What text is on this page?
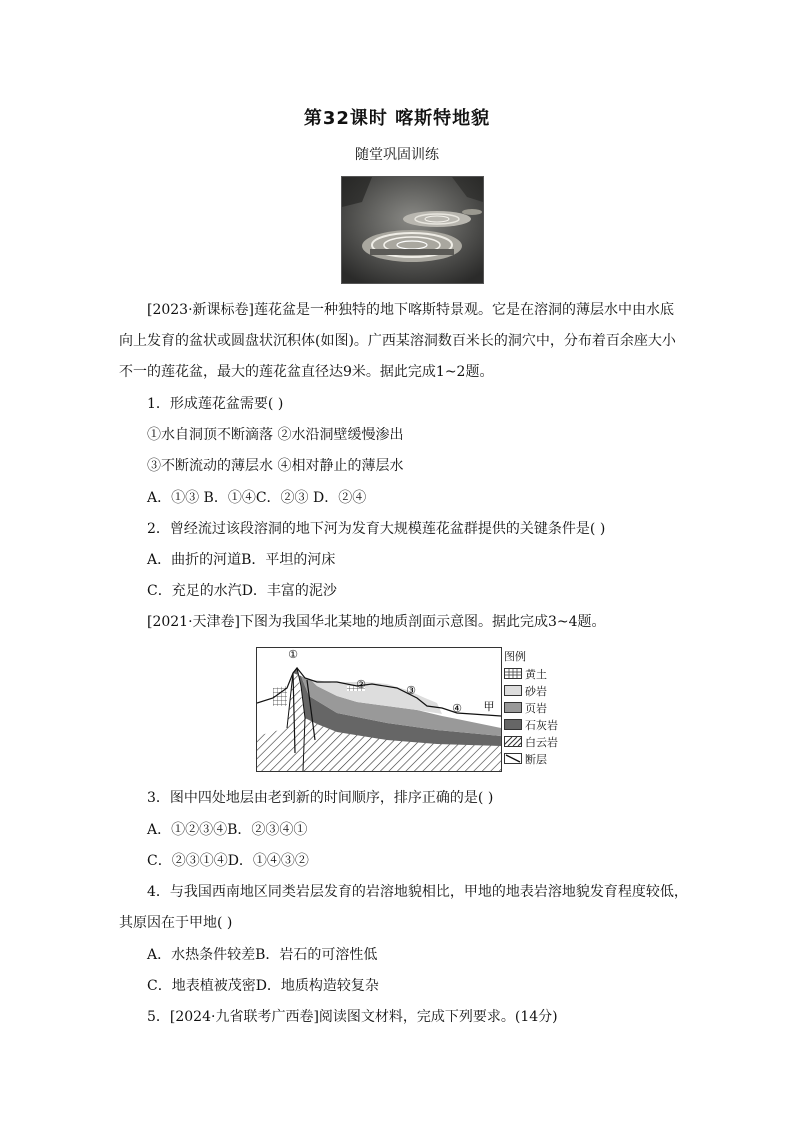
第32课时 喀斯特地貌
随堂巩固训练
[2023·新课标卷]莲花盆是一种独特的地下喀斯特景观。它是在溶洞的薄层水中由水底
向上发育的盆状或圆盘状沉积体(如图)。广西某溶洞数百米长的洞穴中，分布着百余座大小
不一的莲花盆，最大的莲花盆直径达9米。据此完成1~2题。
1．形成莲花盆需要( )
①水自洞顶不断滴落 ②水沿洞壁缓慢渗出
③不断流动的薄层水 ④相对静止的薄层水
A．①③ B．①④C．②③ D．②④
2．曾经流过该段溶洞的地下河为发育大规模莲花盆群提供的关键条件是( )
A．曲折的河道B．平坦的河床
C．充足的水汽D．丰富的泥沙
[2021·天津卷]下图为我国华北某地的地质剖面示意图。据此完成3~4题。
①
②	③
④ 甲
图例
黄土
砂岩
页岩
石灰岩
白云岩
断层
3．图中四处地层由老到新的时间顺序，排序正确的是( )
A．①②③④B．②③④①
C．②③①④D．①④③②
4．与我国西南地区同类岩层发育的岩溶地貌相比，甲地的地表岩溶地貌发育程度较低，
其原因在于甲地( )
A．水热条件较差B．岩石的可溶性低
C．地表植被茂密D．地质构造较复杂
5．[2024·九省联考广西卷]阅读图文材料，完成下列要求。(14分)
